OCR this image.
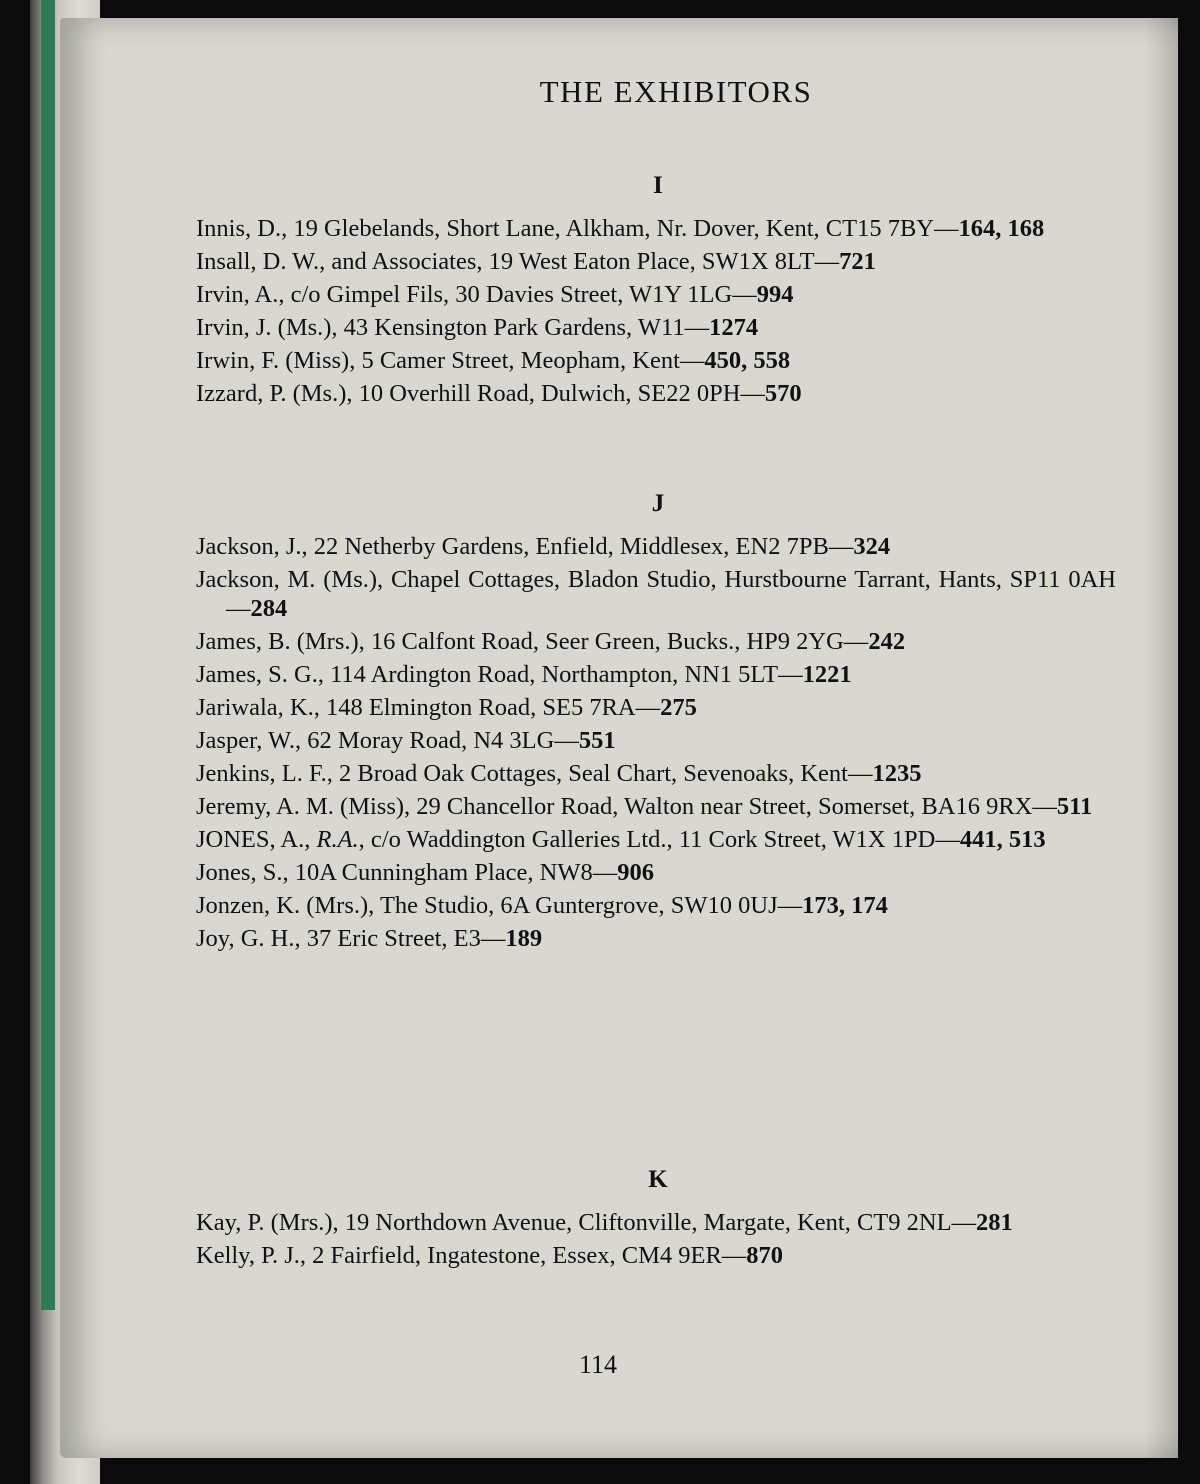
THE EXHIBITORS
I

Innis, D., 19 Glebelands, Short Lane, Alkham, Nr. Dover, Kent, CT15 7BY—164, 168

Insall, D. W., and Associates, 19 West Eaton Place, SW1X 8LT—721

Irvin, A., c/o Gimpel Fils, 30 Davies Street, W1Y 1LG—994

Irvin, J. (Ms.), 43 Kensington Park Gardens, W11—1274

Irwin, F. (Miss), 5 Camer Street, Meopham, Kent—450, 558

Izzard, P. (Ms.), 10 Overhill Road, Dulwich, SE22 0PH—570

J

Jackson, J., 22 Netherby Gardens, Enfield, Middlesex, EN2 7PB—324

Jackson, M. (Ms.), Chapel Cottages, Bladon Studio, Hurstbourne Tarrant, Hants, SP11 0AH—284

James, B. (Mrs.), 16 Calfont Road, Seer Green, Bucks., HP9 2YG—242

James, S. G., 114 Ardington Road, Northampton, NN1 5LT—1221

Jariwala, K., 148 Elmington Road, SE5 7RA—275

Jasper, W., 62 Moray Road, N4 3LG—551

Jenkins, L. F., 2 Broad Oak Cottages, Seal Chart, Sevenoaks, Kent—1235

Jeremy, A. M. (Miss), 29 Chancellor Road, Walton near Street, Somerset, BA16 9RX—511

JONES, A., R.A., c/o Waddington Galleries Ltd., 11 Cork Street, W1X 1PD—441, 513

Jones, S., 10A Cunningham Place, NW8—906

Jonzen, K. (Mrs.), The Studio, 6A Guntergrove, SW10 0UJ—173, 174

Joy, G. H., 37 Eric Street, E3—189

K

Kay, P. (Mrs.), 19 Northdown Avenue, Cliftonville, Margate, Kent, CT9 2NL—281

Kelly, P. J., 2 Fairfield, Ingatestone, Essex, CM4 9ER—870

114
